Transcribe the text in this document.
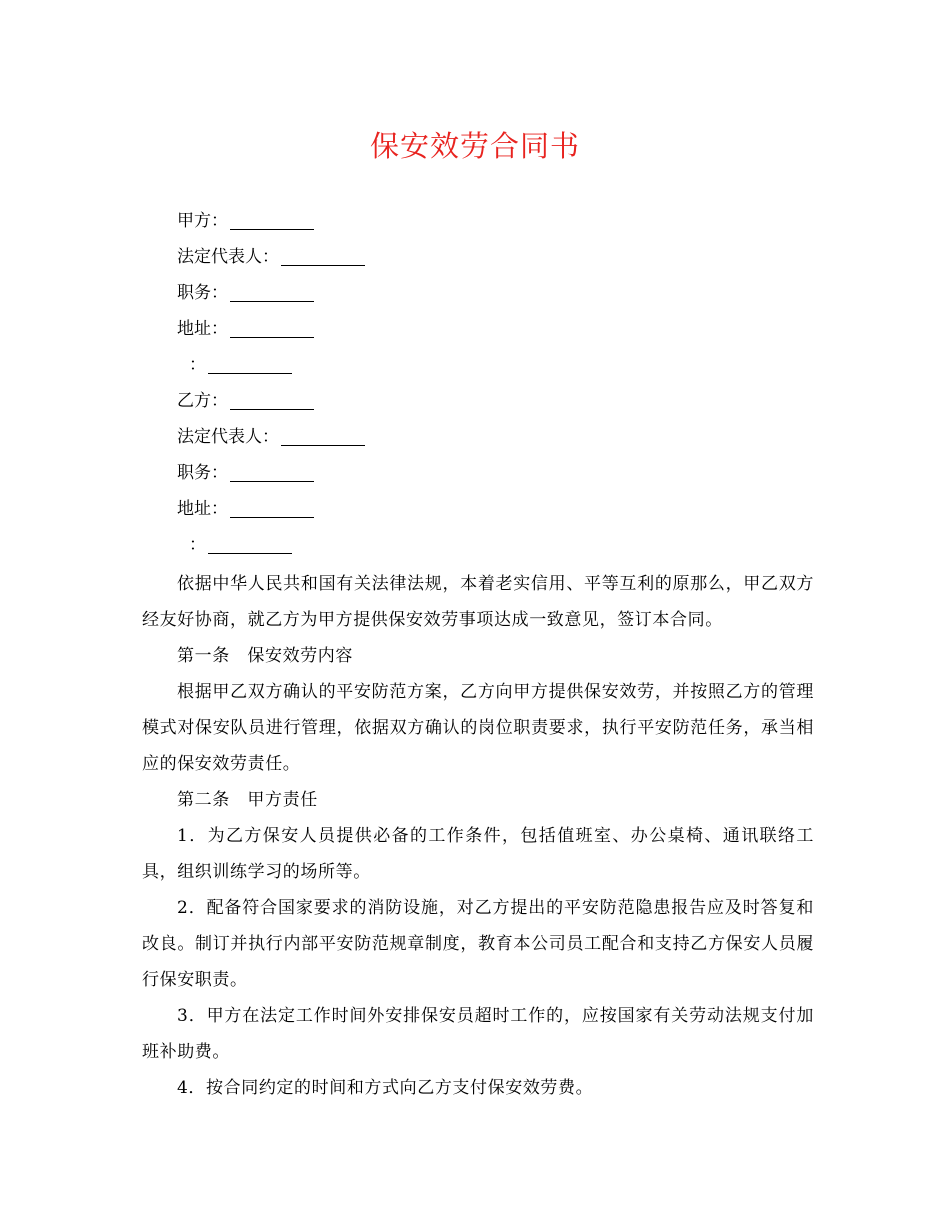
保安效劳合同书
甲方：
法定代表人：
职务：
地址：
：
乙方：
法定代表人：
职务：
地址：
：

依据中华人民共和国有关法律法规，本着老实信用、平等互利的原那么，甲乙双方经友好协商，就乙方为甲方提供保安效劳事项达成一致意见，签订本合同。

第一条　保安效劳内容

根据甲乙双方确认的平安防范方案，乙方向甲方提供保安效劳，并按照乙方的管理模式对保安队员进行管理，依据双方确认的岗位职责要求，执行平安防范任务，承当相应的保安效劳责任。

第二条　甲方责任

1．为乙方保安人员提供必备的工作条件，包括值班室、办公桌椅、通讯联络工具，组织训练学习的场所等。

2．配备符合国家要求的消防设施，对乙方提出的平安防范隐患报告应及时答复和改良。制订并执行内部平安防范规章制度，教育本公司员工配合和支持乙方保安人员履行保安职责。

3．甲方在法定工作时间外安排保安员超时工作的，应按国家有关劳动法规支付加班补助费。

4．按合同约定的时间和方式向乙方支付保安效劳费。
